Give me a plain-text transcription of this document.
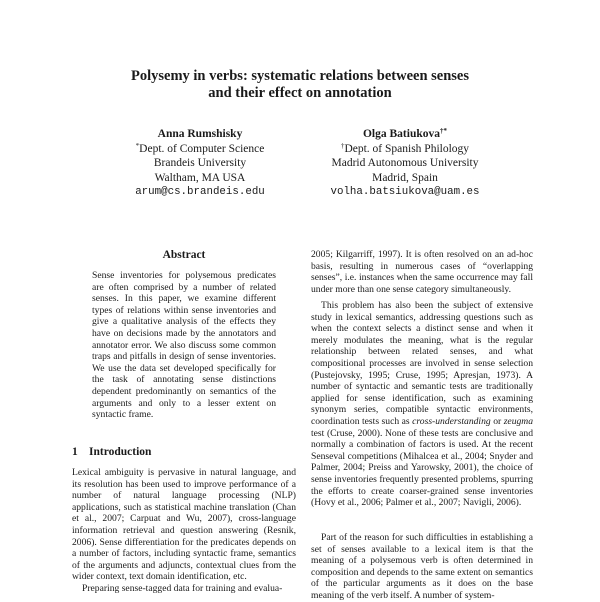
Polysemy in verbs: systematic relations between senses
and their effect on annotation
Anna Rumshisky
*Dept. of Computer Science
Brandeis University
Waltham, MA USA
arum@cs.brandeis.edu
Olga Batiukova†*
†Dept. of Spanish Philology
Madrid Autonomous University
Madrid, Spain
volha.batsiukova@uam.es
Abstract

Sense inventories for polysemous predicates are often comprised by a number of related senses. In this paper, we examine different types of relations within sense inventories and give a qualitative analysis of the effects they have on decisions made by the annotators and annotator error. We also discuss some common traps and pitfalls in design of sense inventories. We use the data set developed specifically for the task of annotating sense distinctions dependent predominantly on semantics of the arguments and only to a lesser extent on syntactic frame.

1 Introduction

Lexical ambiguity is pervasive in natural language, and its resolution has been used to improve performance of a number of natural language processing (NLP) applications, such as statistical machine translation (Chan et al., 2007; Carpuat and Wu, 2007), cross-language information retrieval and question answering (Resnik, 2006). Sense differentiation for the predicates depends on a number of factors, including syntactic frame, semantics of the arguments and adjuncts, contextual clues from the wider context, text domain identification, etc.

Preparing sense-tagged data for training and evalua-

2005; Kilgarriff, 1997). It is often resolved on an ad-hoc basis, resulting in numerous cases of “overlapping senses”, i.e. instances when the same occurrence may fall under more than one sense category simultaneously.

This problem has also been the subject of extensive study in lexical semantics, addressing questions such as when the context selects a distinct sense and when it merely modulates the meaning, what is the regular relationship between related senses, and what compositional processes are involved in sense selection (Pustejovsky, 1995; Cruse, 1995; Apresjan, 1973). A number of syntactic and semantic tests are traditionally applied for sense identification, such as examining synonym series, compatible syntactic environments, coordination tests such as cross-understanding or zeugma test (Cruse, 2000). None of these tests are conclusive and normally a combination of factors is used. At the recent Senseval competitions (Mihalcea et al., 2004; Snyder and Palmer, 2004; Preiss and Yarowsky, 2001), the choice of sense inventories frequently presented problems, spurring the efforts to create coarser-grained sense inventories (Hovy et al., 2006; Palmer et al., 2007; Navigli, 2006).

Part of the reason for such difficulties in establishing a set of senses available to a lexical item is that the meaning of a polysemous verb is often determined in composition and depends to the same extent on semantics of the particular arguments as it does on the base meaning of the verb itself. A number of system-
